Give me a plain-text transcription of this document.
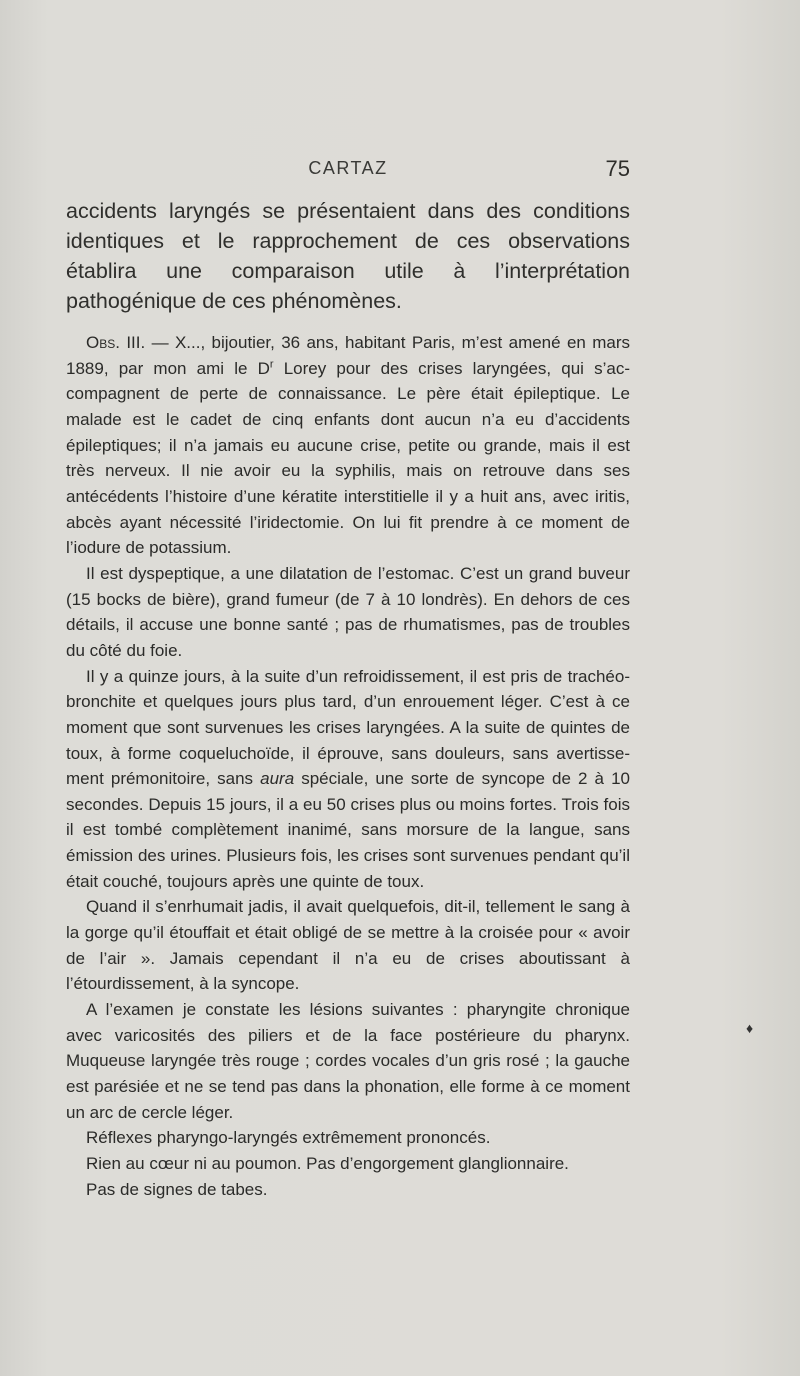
CARTAZ	75
accidents laryngés se présentaient dans des conditions identiques et le rapprochement de ces observations établira une comparaison utile à l’interprétation pathogénique de ces phénomènes.

Obs. III. — X..., bijoutier, 36 ans, habitant Paris, m’est amené en mars 1889, par mon ami le $D^r$ Lorey pour des crises laryngées, qui s’accompagnent de perte de connaissance. Le père était épileptique. Le malade est le cadet de cinq enfants dont aucun n’a eu d’accidents épileptiques; il n’a jamais eu aucune crise, petite ou grande, mais il est très nerveux. Il nie avoir eu la syphilis, mais on retrouve dans ses antécédents l’histoire d’une kératite interstitielle il y a huit ans, avec iritis, abcès ayant nécessité l’iridectomie. On lui fit prendre à ce moment de l’iodure de potassium.

Il est dyspeptique, a une dilatation de l’estomac. C’est un grand buveur (15 bocks de bière), grand fumeur (de 7 à 10 londrès). En dehors de ces détails, il accuse une bonne santé ; pas de rhumatismes, pas de troubles du côté du foie.

Il y a quinze jours, à la suite d’un refroidissement, il est pris de trachéobronchite et quelques jours plus tard, d’un enrouement léger. C’est à ce moment que sont survenues les crises laryngées. A la suite de quintes de toux, à forme coqueluchoïde, il éprouve, sans douleurs, sans avertissement prémonitoire, sans aura spéciale, une sorte de syncope de 2 à 10 secondes. Depuis 15 jours, il a eu 50 crises plus ou moins fortes. Trois fois il est tombé complètement inanimé, sans morsure de la langue, sans émission des urines. Plusieurs fois, les crises sont survenues pendant qu’il était couché, toujours après une quinte de toux.

Quand il s’enrhumait jadis, il avait quelquefois, dit-il, tellement le sang à la gorge qu’il étouffait et était obligé de se mettre à la croisée pour « avoir de l’air ». Jamais cependant il n’a eu de crises aboutissant à l’étourdissement, à la syncope.

A l’examen je constate les lésions suivantes : pharyngite chronique avec varicosités des piliers et de la face postérieure du pharynx. Muqueuse laryngée très rouge ; cordes vocales d’un gris rosé ; la gauche est parésiée et ne se tend pas dans la phonation, elle forme à ce moment un arc de cercle léger.

Réflexes pharyngo-laryngés extrêmement prononcés.

Rien au cœur ni au poumon. Pas d’engorgement glanglionnaire.

Pas de signes de tabes.

♦
